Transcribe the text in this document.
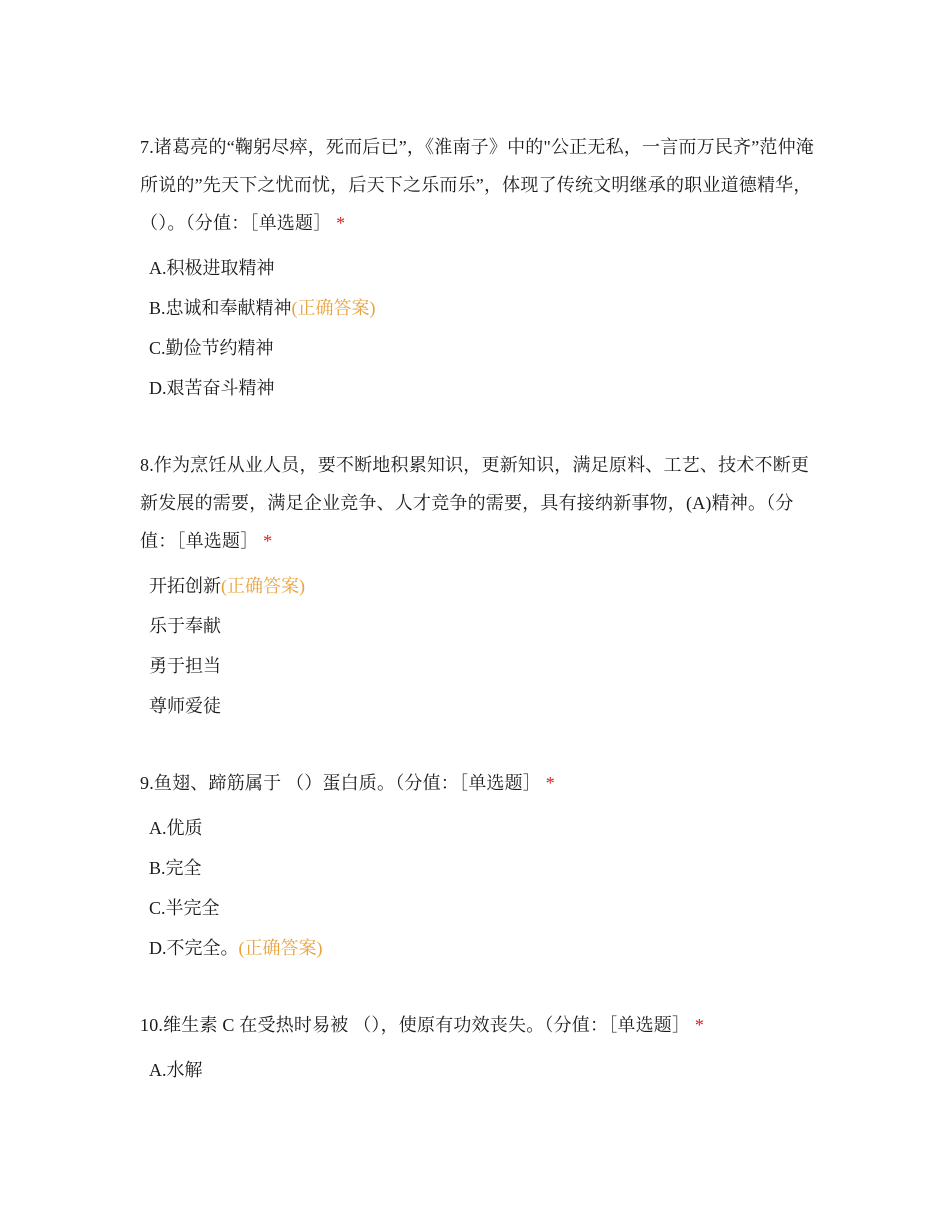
7.诸葛亮的“鞠躬尽瘁，死而后已”，《淮南子》中的"公正无私，一言而万民齐”范仲淹所说的”先天下之忧而忧，后天下之乐而乐”，体现了传统文明继承的职业道德精华，（）。（分值：［单选题］ *

A.积极进取精神
B.忠诚和奉献精神(正确答案)
C.勤俭节约精神
D.艰苦奋斗精神

8.作为烹饪从业人员，要不断地积累知识，更新知识，满足原料、工艺、技术不断更新发展的需要，满足企业竞争、人才竞争的需要，具有接纳新事物，(A)精神。（分值：［单选题］ *

开拓创新(正确答案)
乐于奉献
勇于担当
尊师爱徒

9.鱼翅、蹄筋属于 （）蛋白质。（分值：［单选题］ *

A.优质
B.完全
C.半完全
D.不完全。(正确答案)

10.维生素 C 在受热时易被 （），使原有功效丧失。（分值：［单选题］ *

A.水解
